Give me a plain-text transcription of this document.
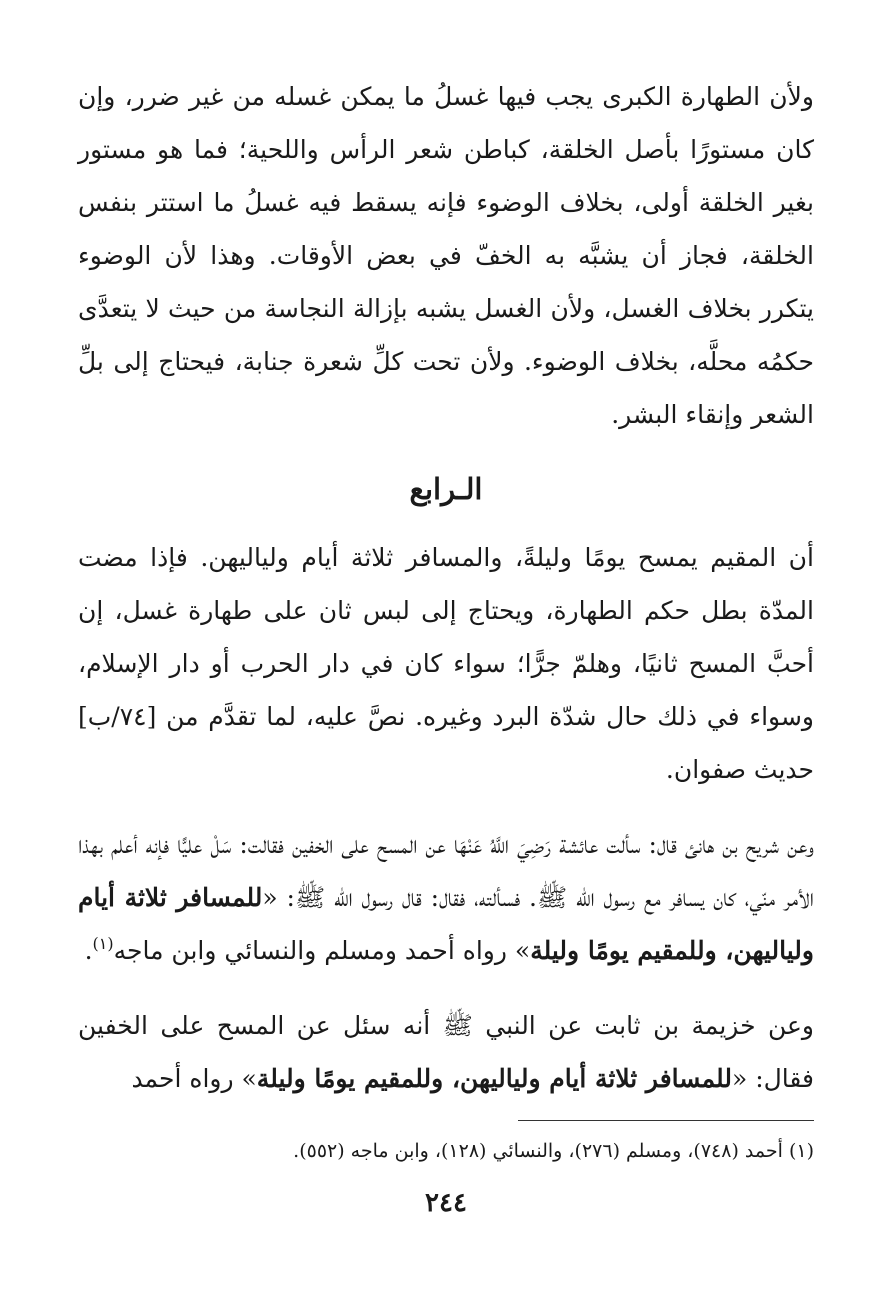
ولأن الطهارة الكبرى يجب فيها غسلُ ما يمكن غسله من غير ضرر، وإن كان مستورًا بأصل الخلقة، كباطن شعر الرأس واللحية؛ فما هو مستور بغير الخلقة أولى، بخلاف الوضوء فإنه يسقط فيه غسلُ ما استتر بنفس الخلقة، فجاز أن يشبَّه به الخفّ في بعض الأوقات. وهذا لأن الوضوء يتكرر بخلاف الغسل، ولأن الغسل يشبه بإزالة النجاسة من حيث لا يتعدَّى حكمُه محلَّه، بخلاف الوضوء. ولأن تحت كلِّ شعرة جنابة، فيحتاج إلى بلِّ الشعر وإنقاء البشر.

الـرابع

أن المقيم يمسح يومًا وليلةً، والمسافر ثلاثة أيام ولياليهن. فإذا مضت المدّة بطل حكم الطهارة، ويحتاج إلى لبس ثان على طهارة غسل، إن أحبَّ المسح ثانيًا، وهلمّ جرًّا؛ سواء كان في دار الحرب أو دار الإسلام، وسواء في ذلك حال شدّة البرد وغيره. نصَّ عليه، لما تقدَّم من [٧٤/ب] حديث صفوان.

وعن شريح بن هانئ قال: سألت عائشة رَضِيَ اللَّهُ عَنْهَا عن المسح على الخفين فقالت: سَلْ عليًّا فإنه أعلم بهذا الأمر منّي، كان يسافر مع رسول الله ﷺ. فسألته، فقال: قال رسول الله ﷺ: «للمسافر ثلاثة أيام ولياليهن، وللمقيم يومًا وليلة» رواه أحمد ومسلم والنسائي وابن ماجه$^{(١)}$.

وعن خزيمة بن ثابت عن النبي ﷺ أنه سئل عن المسح على الخفين فقال: «للمسافر ثلاثة أيام ولياليهن، وللمقيم يومًا وليلة» رواه أحمد

(١) أحمد (٧٤٨)، ومسلم (٢٧٦)، والنسائي (١٢٨)، وابن ماجه (٥٥٢).
٢٤٤
